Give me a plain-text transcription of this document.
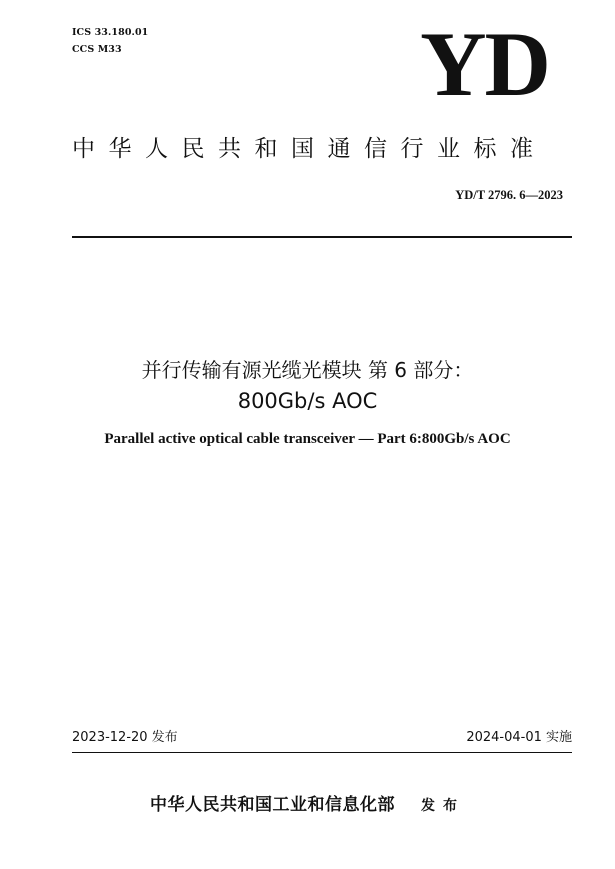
ICS 33.180.01
CCS M33	YD
中华人民共和国通信行业标准
YD/T 2796. 6—2023
并行传输有源光缆光模块 第 6 部分：
800Gb/s AOC
Parallel active optical cable transceiver — Part 6:800Gb/s AOC
2023-12-20 发布	2024-04-01 实施
中华人民共和国工业和信息化部 发布
